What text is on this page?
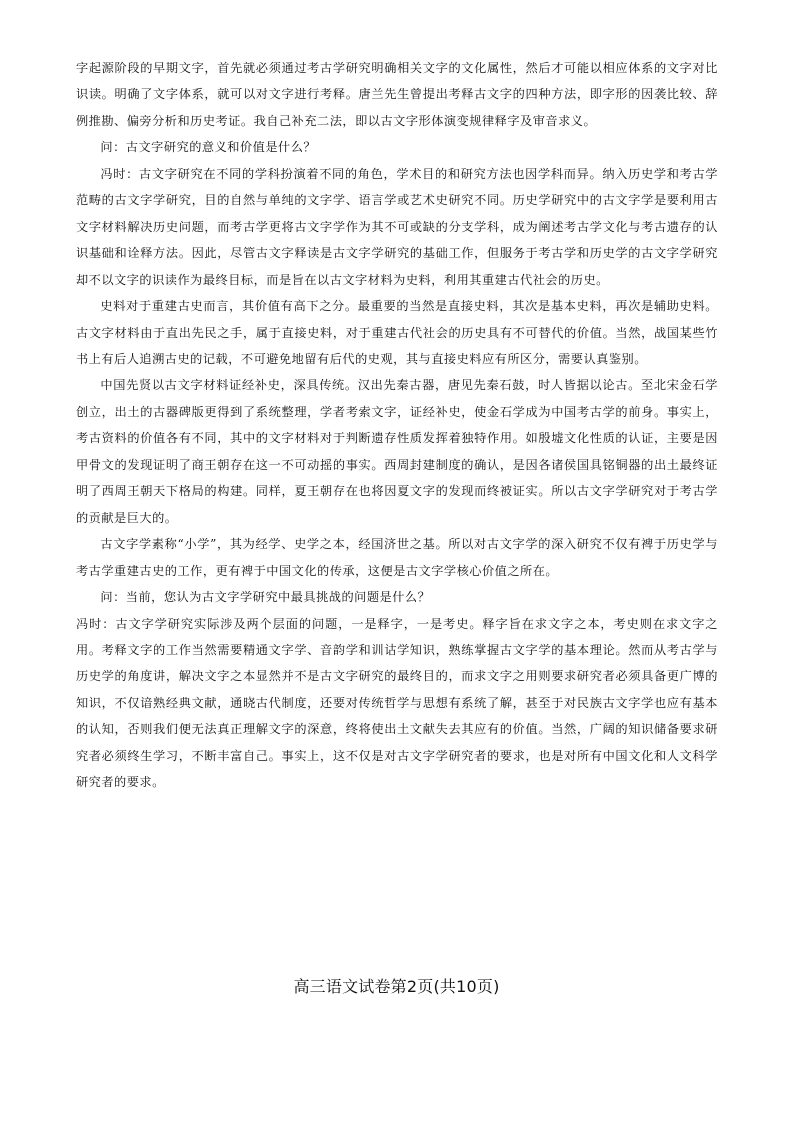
字起源阶段的早期文字，首先就必须通过考古学研究明确相关文字的文化属性，然后才可能以相应体系的文字对比识读。明确了文字体系，就可以对文字进行考释。唐兰先生曾提出考释古文字的四种方法，即字形的因袭比较、辞例推勘、偏旁分析和历史考证。我自己补充二法，即以古文字形体演变规律释字及审音求义。

问：古文字研究的意义和价值是什么？

冯时：古文字研究在不同的学科扮演着不同的角色，学术目的和研究方法也因学科而异。纳入历史学和考古学范畴的古文字学研究，目的自然与单纯的文字学、语言学或艺术史研究不同。历史学研究中的古文字学是要利用古文字材料解决历史问题，而考古学更将古文字学作为其不可或缺的分支学科，成为阐述考古学文化与考古遗存的认识基础和诠释方法。因此，尽管古文字释读是古文字学研究的基础工作，但服务于考古学和历史学的古文字学研究却不以文字的识读作为最终目标，而是旨在以古文字材料为史料，利用其重建古代社会的历史。

史料对于重建古史而言，其价值有高下之分。最重要的当然是直接史料，其次是基本史料，再次是辅助史料。古文字材料由于直出先民之手，属于直接史料，对于重建古代社会的历史具有不可替代的价值。当然，战国某些竹书上有后人追溯古史的记载，不可避免地留有后代的史观，其与直接史料应有所区分，需要认真鉴别。

中国先贤以古文字材料证经补史，深具传统。汉出先秦古器，唐见先秦石鼓，时人皆据以论古。至北宋金石学创立，出土的古器碑版更得到了系统整理，学者考索文字，证经补史，使金石学成为中国考古学的前身。事实上，考古资料的价值各有不同，其中的文字材料对于判断遗存性质发挥着独特作用。如殷墟文化性质的认证，主要是因甲骨文的发现证明了商王朝存在这一不可动摇的事实。西周封建制度的确认，是因各诸侯国具铭铜器的出土最终证明了西周王朝天下格局的构建。同样，夏王朝存在也将因夏文字的发现而终被证实。所以古文字学研究对于考古学的贡献是巨大的。

古文字学素称“小学”，其为经学、史学之本，经国济世之基。所以对古文字学的深入研究不仅有裨于历史学与考古学重建古史的工作，更有裨于中国文化的传承，这便是古文字学核心价值之所在。

问：当前，您认为古文字学研究中最具挑战的问题是什么？

冯时：古文字学研究实际涉及两个层面的问题，一是释字，一是考史。释字旨在求文字之本，考史则在求文字之用。考释文字的工作当然需要精通文字学、音韵学和训诂学知识，熟练掌握古文字学的基本理论。然而从考古学与历史学的角度讲，解决文字之本显然并不是古文字研究的最终目的，而求文字之用则要求研究者必须具备更广博的知识，不仅谙熟经典文献，通晓古代制度，还要对传统哲学与思想有系统了解，甚至于对民族古文字学也应有基本的认知，否则我们便无法真正理解文字的深意，终将使出土文献失去其应有的价值。当然，广阔的知识储备要求研究者必须终生学习，不断丰富自己。事实上，这不仅是对古文字学研究者的要求，也是对所有中国文化和人文科学研究者的要求。

高三语文试卷第2页(共10页)
